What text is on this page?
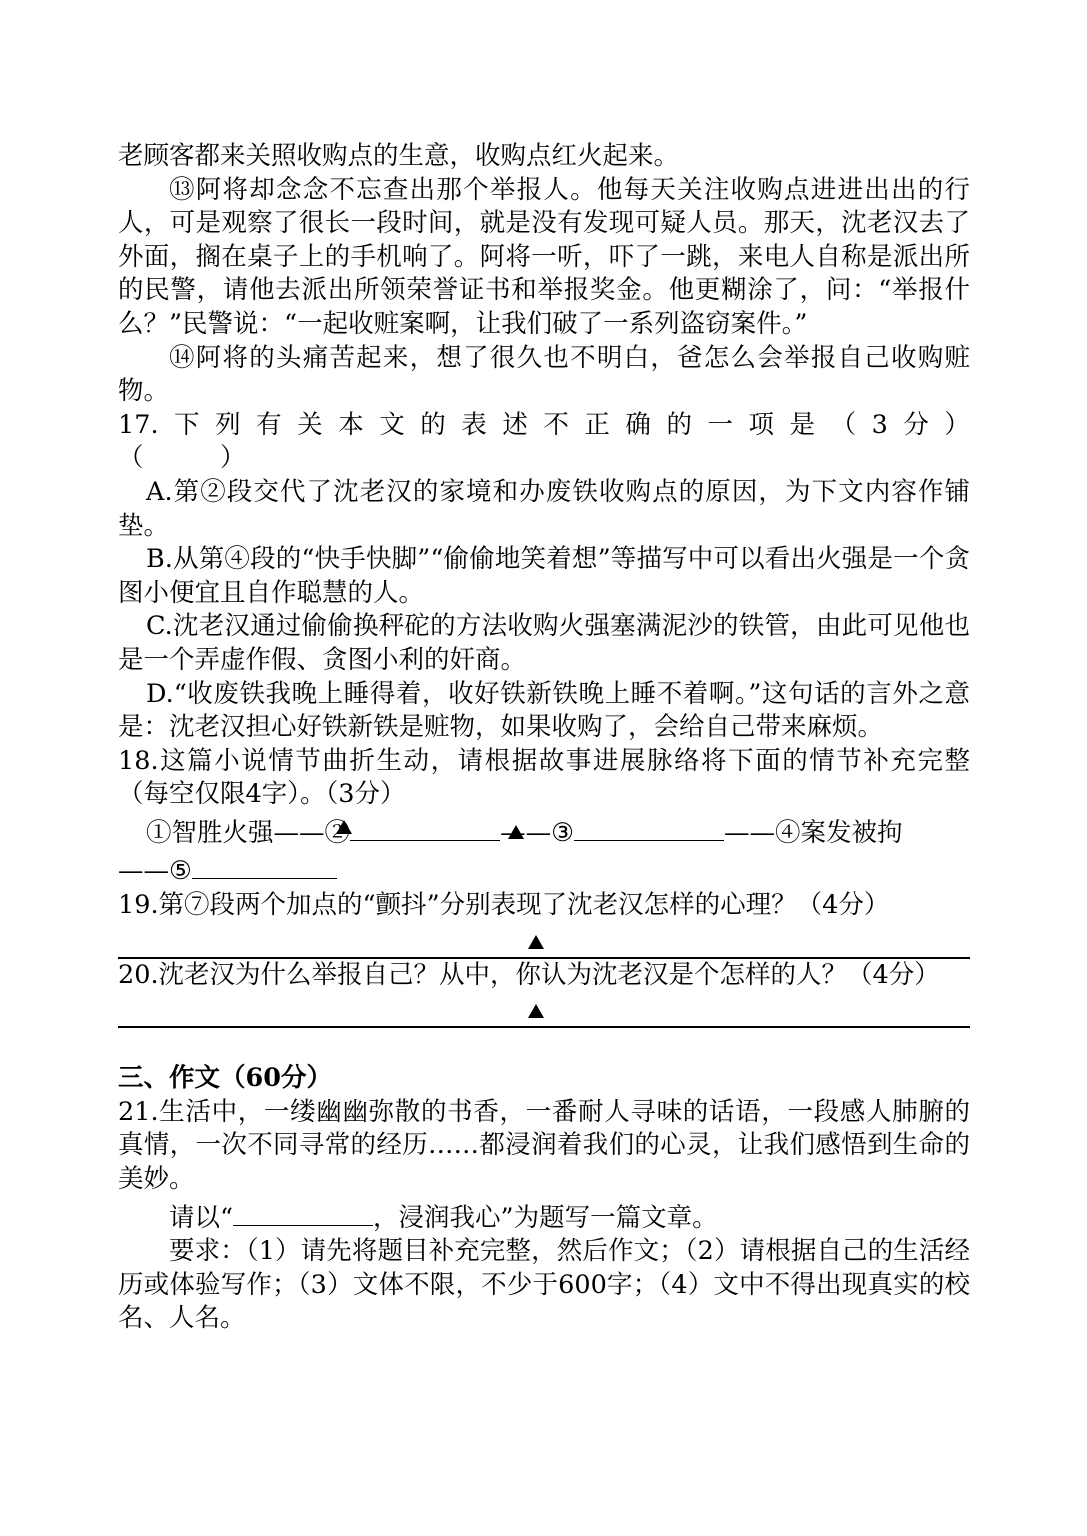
老顾客都来关照收购点的生意，收购点红火起来。

⑬阿将却念念不忘查出那个举报人。他每天关注收购点进进出出的行人，可是观察了很长一段时间，就是没有发现可疑人员。那天，沈老汉去了外面，搁在桌子上的手机响了。阿将一听，吓了一跳，来电人自称是派出所的民警，请他去派出所领荣誉证书和举报奖金。他更糊涂了，问：“举报什么？”民警说：“一起收赃案啊，让我们破了一系列盗窃案件。”

⑭阿将的头痛苦起来，想了很久也不明白，爸怎么会举报自己收购赃物。

17. 下 列 有 关 本 文 的 表 述 不 正 确 的 一 项 是 （ 3 分 ）

（　　　）

A.第②段交代了沈老汉的家境和办废铁收购点的原因，为下文内容作铺垫。

B.从第④段的“快手快脚”“偷偷地笑着想”等描写中可以看出火强是一个贪图小便宜且自作聪慧的人。

C.沈老汉通过偷偷换秤砣的方法收购火强塞满泥沙的铁管，由此可见他也是一个弄虚作假、贪图小利的奸商。

D.“收废铁我晚上睡得着，收好铁新铁晚上睡不着啊。”这句话的言外之意是：沈老汉担心好铁新铁是赃物，如果收购了，会给自己带来麻烦。

18.这篇小说情节曲折生动，请根据故事进展脉络将下面的情节补充完整（每空仅限4字）。（3分）

①智胜火强——②	——③	——④案发被拘

——⑤

19.第⑦段两个加点的“颤抖”分别表现了沈老汉怎样的心理？（4分）

20.沈老汉为什么举报自己？从中，你认为沈老汉是个怎样的人？（4分）

三、作文（60分）

21.生活中，一缕幽幽弥散的书香，一番耐人寻味的话语，一段感人肺腑的真情，一次不同寻常的经历……都浸润着我们的心灵，让我们感悟到生命的美妙。

请以“	，浸润我心”为题写一篇文章。

要求：（1）请先将题目补充完整，然后作文；（2）请根据自己的生活经历或体验写作；（3）文体不限，不少于600字；（4）文中不得出现真实的校名、人名。
